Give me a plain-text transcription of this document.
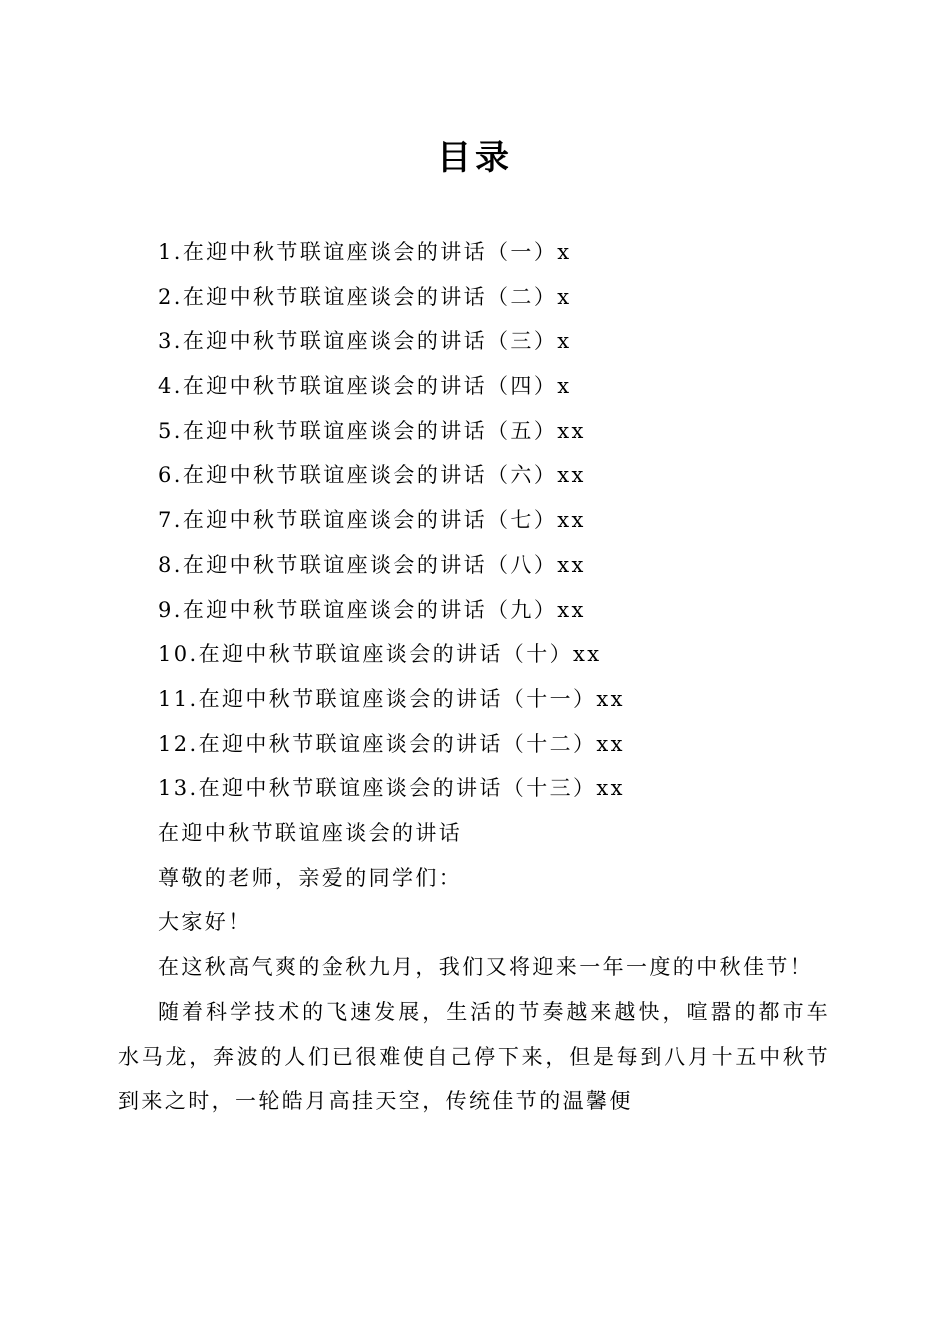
目录
1.在迎中秋节联谊座谈会的讲话（一）x
2.在迎中秋节联谊座谈会的讲话（二）x
3.在迎中秋节联谊座谈会的讲话（三）x
4.在迎中秋节联谊座谈会的讲话（四）x
5.在迎中秋节联谊座谈会的讲话（五）xx
6.在迎中秋节联谊座谈会的讲话（六）xx
7.在迎中秋节联谊座谈会的讲话（七）xx
8.在迎中秋节联谊座谈会的讲话（八）xx
9.在迎中秋节联谊座谈会的讲话（九）xx
10.在迎中秋节联谊座谈会的讲话（十）xx
11.在迎中秋节联谊座谈会的讲话（十一）xx
12.在迎中秋节联谊座谈会的讲话（十二）xx
13.在迎中秋节联谊座谈会的讲话（十三）xx

在迎中秋节联谊座谈会的讲话

尊敬的老师，亲爱的同学们：

大家好！

在这秋高气爽的金秋九月，我们又将迎来一年一度的中秋佳节！

随着科学技术的飞速发展，生活的节奏越来越快，喧嚣的都市车水马龙，奔波的人们已很难使自己停下来，但是每到八月十五中秋节到来之时，一轮皓月高挂天空，传统佳节的温馨便
